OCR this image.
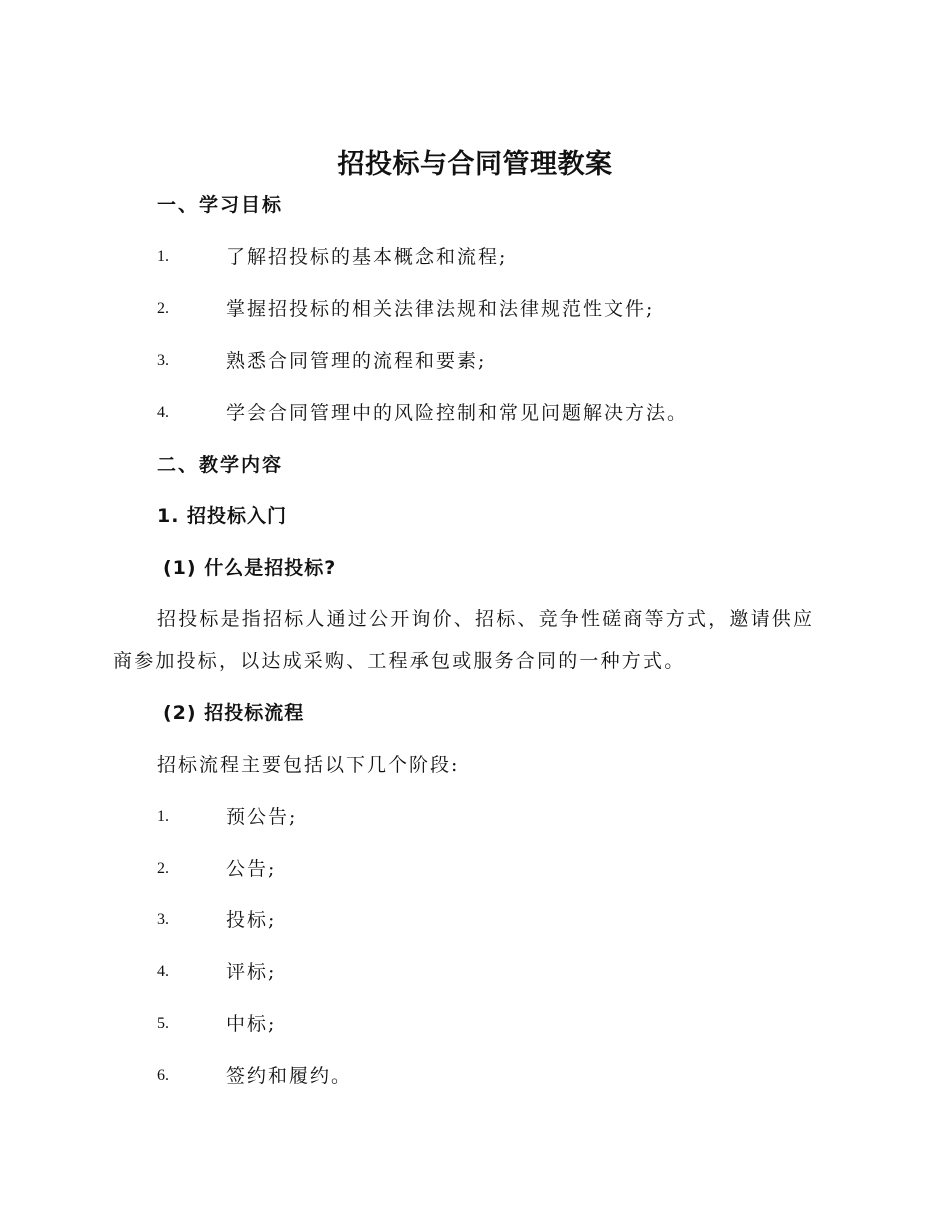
招投标与合同管理教案
一、学习目标
1.	了解招投标的基本概念和流程;
2.	掌握招投标的相关法律法规和法律规范性文件;
3.	熟悉合同管理的流程和要素;
4.	学会合同管理中的风险控制和常见问题解决方法。
二、教学内容
1. 招投标入门
(1) 什么是招投标?
招投标是指招标人通过公开询价、招标、竞争性磋商等方式，邀请供应商参加投标，以达成采购、工程承包或服务合同的一种方式。
(2) 招投标流程
招标流程主要包括以下几个阶段:
1.	预公告;
2.	公告;
3.	投标;
4.	评标;
5.	中标;
6.	签约和履约。
